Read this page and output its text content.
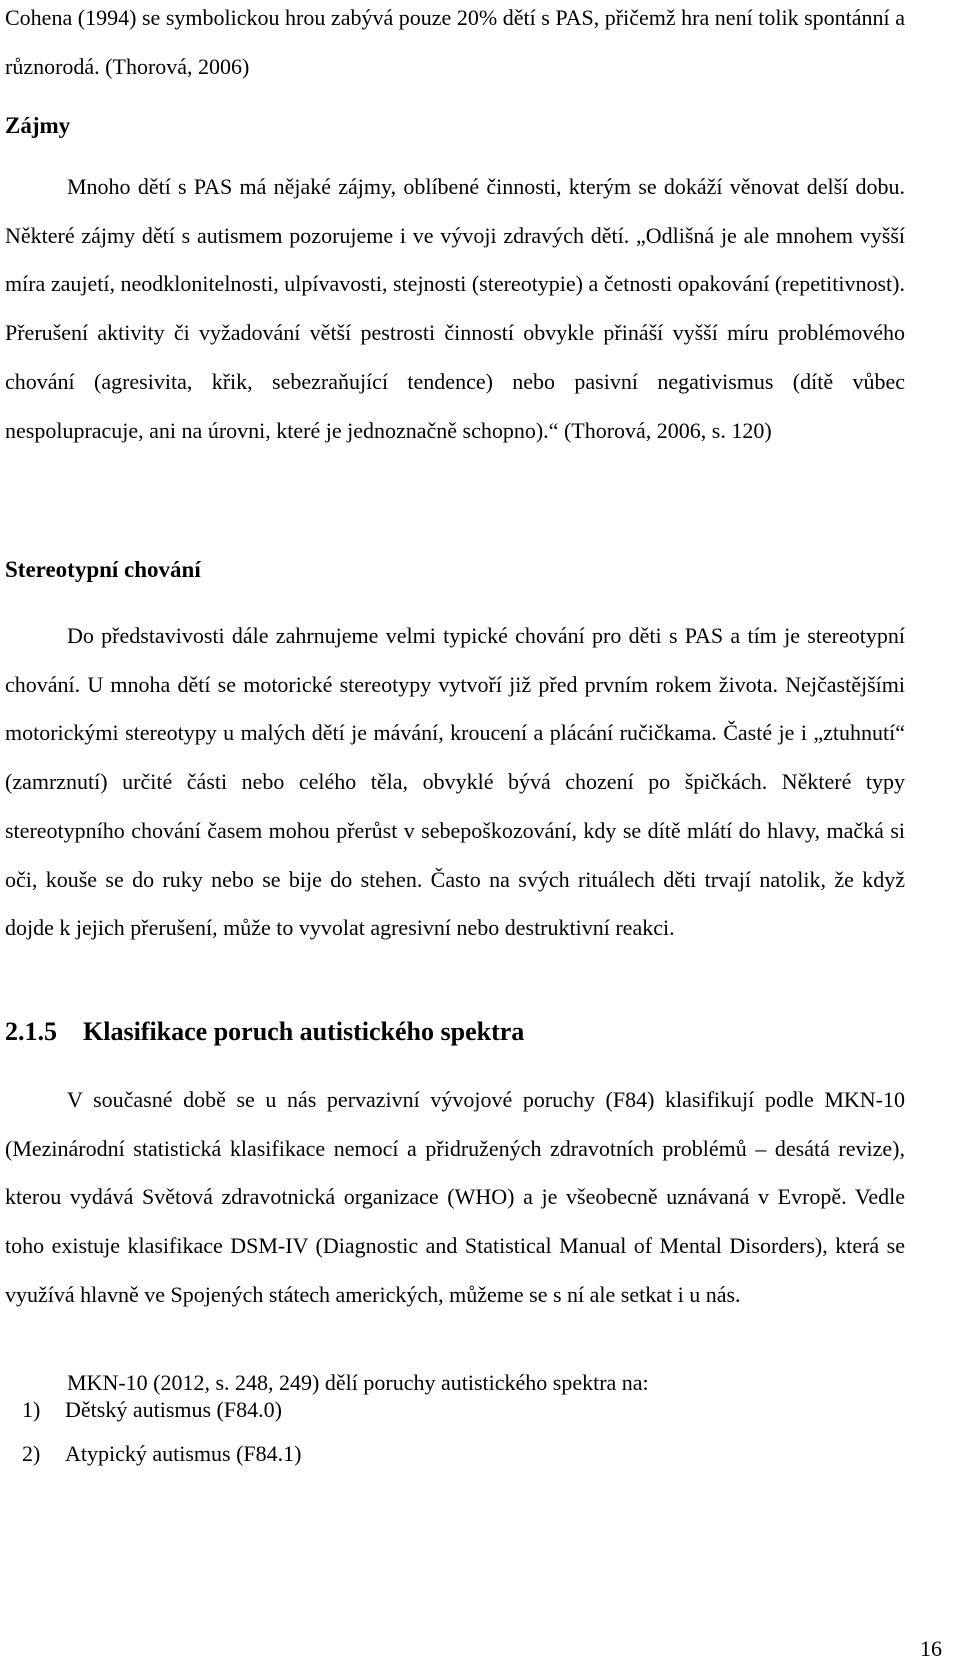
Cohena (1994) se symbolickou hrou zabývá pouze 20% dětí s PAS, přičemž hra není tolik spontánní a různorodá. (Thorová, 2006)

Zájmy

Mnoho dětí s PAS má nějaké zájmy, oblíbené činnosti, kterým se dokáží věnovat delší dobu. Některé zájmy dětí s autismem pozorujeme i ve vývoji zdravých dětí. „Odlišná je ale mnohem vyšší míra zaujetí, neodklonitelnosti, ulpívavosti, stejnosti (stereotypie) a četnosti opakování (repetitivnost). Přerušení aktivity či vyžadování větší pestrosti činností obvykle přináší vyšší míru problémového chování (agresivita, křik, sebezraňující tendence) nebo pasivní negativismus (dítě vůbec nespolupracuje, ani na úrovni, které je jednoznačně schopno).“ (Thorová, 2006, s. 120)

Stereotypní chování

Do představivosti dále zahrnujeme velmi typické chování pro děti s PAS a tím je stereotypní chování. U mnoha dětí se motorické stereotypy vytvoří již před prvním rokem života. Nejčastějšími motorickými stereotypy u malých dětí je mávání, kroucení a plácání ručičkama. Časté je i „ztuhnutí“ (zamrznutí) určité části nebo celého těla, obvyklé bývá chození po špičkách. Některé typy stereotypního chování časem mohou přerůst v sebepoškozování, kdy se dítě mlátí do hlavy, mačká si oči, kouše se do ruky nebo se bije do stehen. Často na svých rituálech děti trvají natolik, že když dojde k jejich přerušení, může to vyvolat agresivní nebo destruktivní reakci.

2.1.5 Klasifikace poruch autistického spektra

V současné době se u nás pervazivní vývojové poruchy (F84) klasifikují podle MKN-10 (Mezinárodní statistická klasifikace nemocí a přidružených zdravotních problémů – desátá revize), kterou vydává Světová zdravotnická organizace (WHO) a je všeobecně uznávaná v Evropě. Vedle toho existuje klasifikace DSM-IV (Diagnostic and Statistical Manual of Mental Disorders), která se využívá hlavně ve Spojených státech amerických, můžeme se s ní ale setkat i u nás.

MKN-10 (2012, s. 248, 249) dělí poruchy autistického spektra na:

1) Dětský autismus (F84.0)

2) Atypický autismus (F84.1)

16
